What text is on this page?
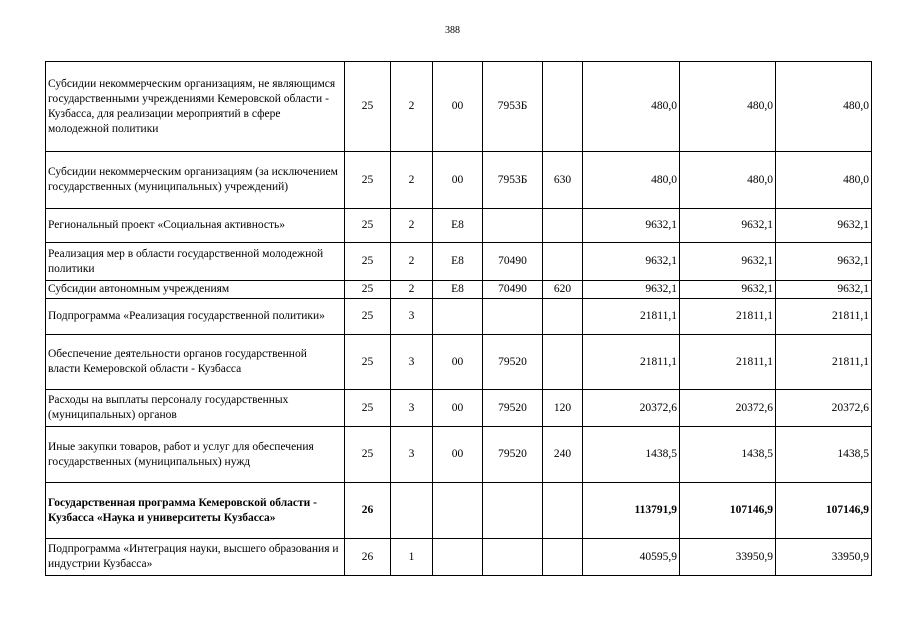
388
Субсидии некоммерческим организациям, не являющимся государственными учреждениями Кемеровской области - Кузбасса, для реализации мероприятий в сфере молодежной политики	25	2	00	7953Б		480,0	480,0	480,0
Субсидии некоммерческим организациям (за исключением государственных (муниципальных) учреждений)	25	2	00	7953Б	630	480,0	480,0	480,0
Региональный проект «Социальная активность»	25	2	E8			9632,1	9632,1	9632,1
Реализация мер в области государственной молодежной политики	25	2	E8	70490		9632,1	9632,1	9632,1
Субсидии автономным учреждениям	25	2	E8	70490	620	9632,1	9632,1	9632,1
Подпрограмма «Реализация государственной политики»	25	3				21811,1	21811,1	21811,1
Обеспечение деятельности органов государственной власти Кемеровской области - Кузбасса	25	3	00	79520		21811,1	21811,1	21811,1
Расходы на выплаты персоналу государственных (муниципальных) органов	25	3	00	79520	120	20372,6	20372,6	20372,6
Иные закупки товаров, работ и услуг для обеспечения государственных (муниципальных) нужд	25	3	00	79520	240	1438,5	1438,5	1438,5
Государственная программа Кемеровской области - Кузбасса «Наука и университеты Кузбасса»	26					113791,9	107146,9	107146,9
Подпрограмма «Интеграция науки, высшего образования и индустрии Кузбасса»	26	1				40595,9	33950,9	33950,9
